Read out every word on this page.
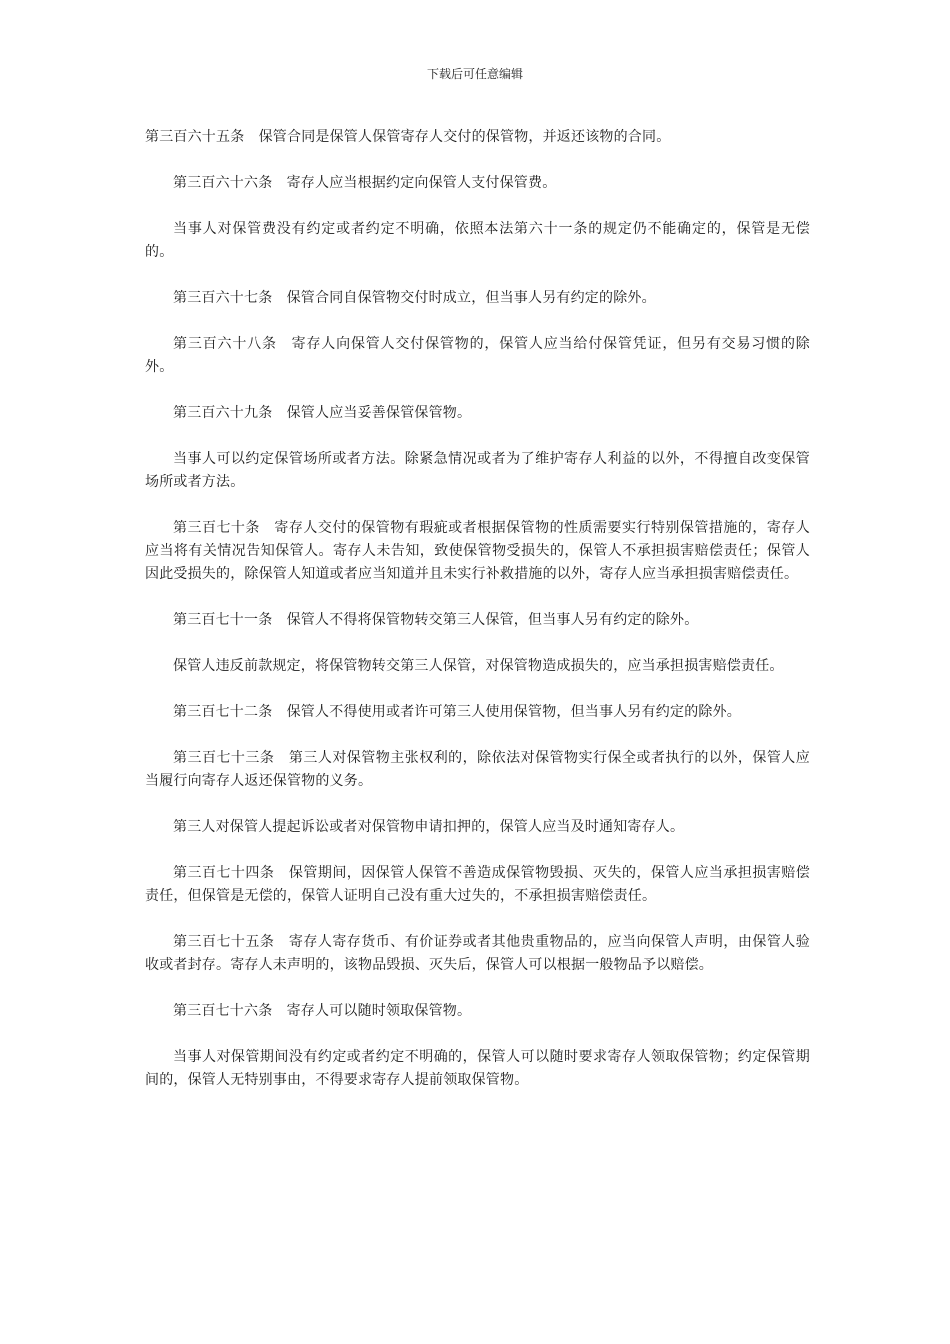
下载后可任意编辑

第三百六十五条　保管合同是保管人保管寄存人交付的保管物，并返还该物的合同。

第三百六十六条　寄存人应当根据约定向保管人支付保管费。

当事人对保管费没有约定或者约定不明确，依照本法第六十一条的规定仍不能确定的，保管是无偿的。

第三百六十七条　保管合同自保管物交付时成立，但当事人另有约定的除外。

第三百六十八条　寄存人向保管人交付保管物的，保管人应当给付保管凭证，但另有交易习惯的除外。

第三百六十九条　保管人应当妥善保管保管物。

当事人可以约定保管场所或者方法。除紧急情况或者为了维护寄存人利益的以外，不得擅自改变保管场所或者方法。

第三百七十条　寄存人交付的保管物有瑕疵或者根据保管物的性质需要实行特别保管措施的，寄存人应当将有关情况告知保管人。寄存人未告知，致使保管物受损失的，保管人不承担损害赔偿责任；保管人因此受损失的，除保管人知道或者应当知道并且未实行补救措施的以外，寄存人应当承担损害赔偿责任。

第三百七十一条　保管人不得将保管物转交第三人保管，但当事人另有约定的除外。

保管人违反前款规定，将保管物转交第三人保管，对保管物造成损失的，应当承担损害赔偿责任。

第三百七十二条　保管人不得使用或者许可第三人使用保管物，但当事人另有约定的除外。

第三百七十三条　第三人对保管物主张权利的，除依法对保管物实行保全或者执行的以外，保管人应当履行向寄存人返还保管物的义务。

第三人对保管人提起诉讼或者对保管物申请扣押的，保管人应当及时通知寄存人。

第三百七十四条　保管期间，因保管人保管不善造成保管物毁损、灭失的，保管人应当承担损害赔偿责任，但保管是无偿的，保管人证明自己没有重大过失的，不承担损害赔偿责任。

第三百七十五条　寄存人寄存货币、有价证券或者其他贵重物品的，应当向保管人声明，由保管人验收或者封存。寄存人未声明的，该物品毁损、灭失后，保管人可以根据一般物品予以赔偿。

第三百七十六条　寄存人可以随时领取保管物。

当事人对保管期间没有约定或者约定不明确的，保管人可以随时要求寄存人领取保管物；约定保管期间的，保管人无特别事由，不得要求寄存人提前领取保管物。
